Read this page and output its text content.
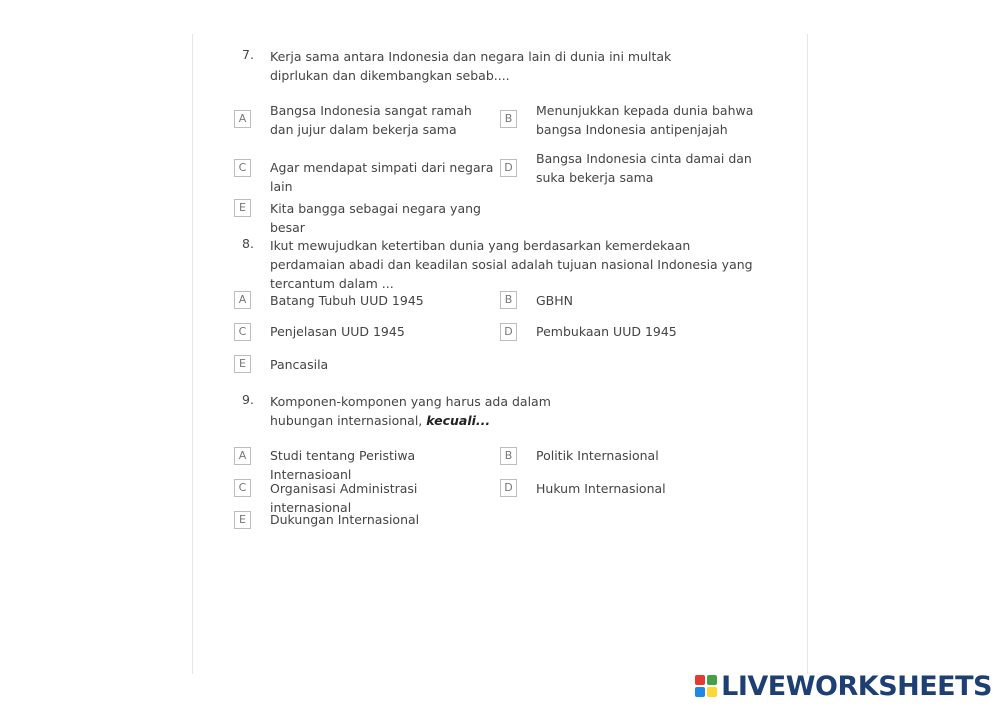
7. Kerja sama antara Indonesia dan negara lain di dunia ini multak diprlukan dan dikembangkan sebab....
A
Bangsa Indonesia sangat ramah dan jujur dalam bekerja sama
B
Menunjukkan kepada dunia bahwa bangsa Indonesia antipenjajah
C	Agar mendapat simpati dari negara lain
D
Bangsa Indonesia cinta damai dan suka bekerja sama
E	Kita bangga sebagai negara yang besar
8. Ikut mewujudkan ketertiban dunia yang berdasarkan kemerdekaan perdamaian abadi dan keadilan sosial adalah tujuan nasional Indonesia yang tercantum dalam ...
A	Batang Tubuh UUD 1945	B	GBHN
C	Penjelasan UUD 1945	D	Pembukaan UUD 1945
E	Pancasila
9. Komponen-komponen yang harus ada dalam hubungan internasional, kecuali...
A	Studi tentang Peristiwa Internasioanl
B	Politik Internasional
C	Organisasi Administrasi internasional
D	Hukum Internasional
E	Dukungan Internasional
LIVEWORKSHEETS
